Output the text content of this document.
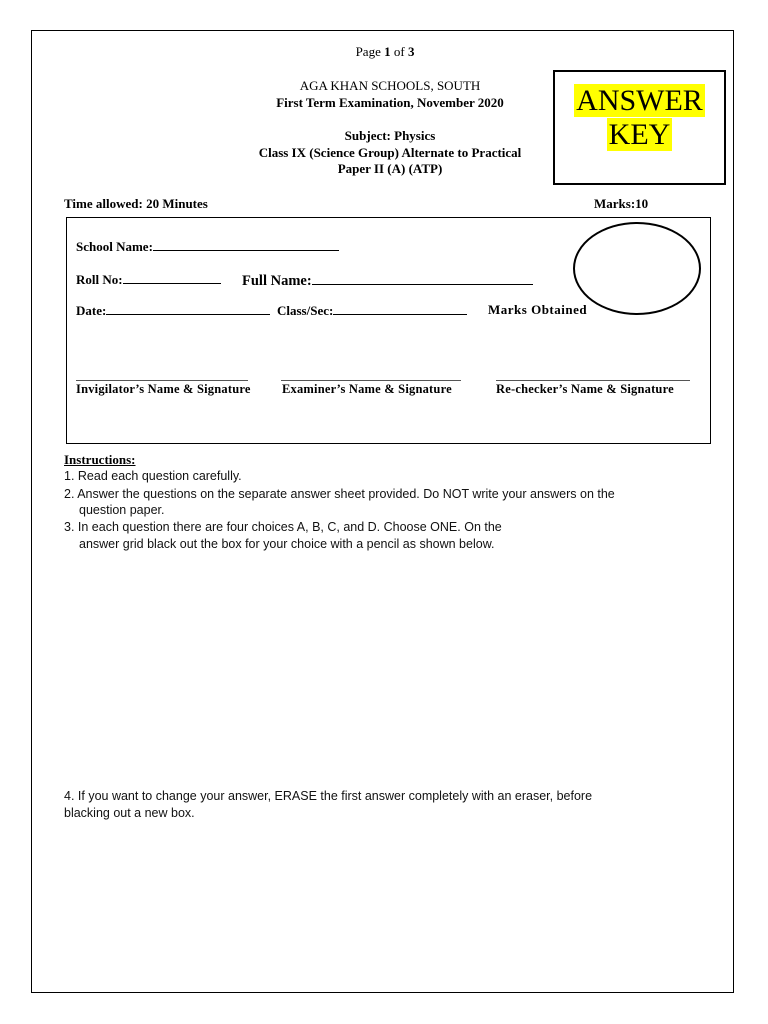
Page 1 of 3
AGA KHAN SCHOOLS, SOUTH
First Term Examination, November 2020
Subject: Physics
Class IX (Science Group) Alternate to Practical
Paper II (A) (ATP)
ANSWER
KEY
Time allowed: 20 Minutes	Marks:10
School Name:
Roll No:	Full Name:
Date:	Class/Sec:	Marks Obtained
Invigilator’s Name & Signature	Examiner’s Name & Signature	Re-checker’s Name & Signature
Instructions:
1. Read each question carefully.
2. Answer the questions on the separate answer sheet provided. Do NOT write your answers on the
question paper.
3. In each question there are four choices A, B, C, and D. Choose ONE. On the
answer grid black out the box for your choice with a pencil as shown below.
4. If you want to change your answer, ERASE the first answer completely with an eraser, before
blacking out a new box.
